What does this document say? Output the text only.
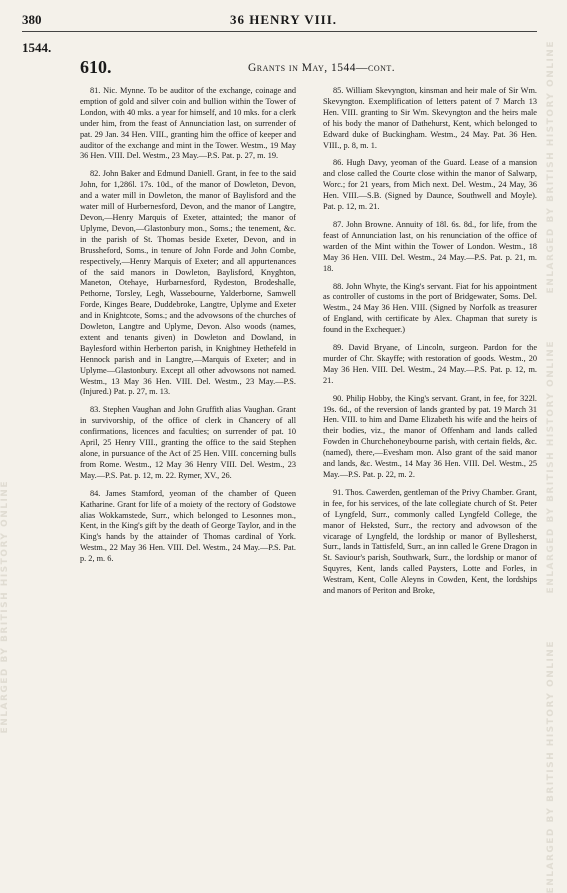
380	36 HENRY VIII.
1544.
610.	Grants in May, 1544—cont.

81. Nic. Mynne. To be auditor of the exchange, coinage and emption of gold and silver coin and bullion within the Tower of London, with 40 mks. a year for himself, and 10 mks. for a clerk under him, from the feast of Annunciation last, on surrender of pat. 29 Jan. 34 Hen. VIII., granting him the office of keeper and auditor of the exchange and mint in the Tower. Westm., 19 May 36 Hen. VIII. Del. Westm., 23 May.—P.S. Pat. p. 27, m. 19.

82. John Baker and Edmund Daniell. Grant, in fee to the said John, for 1,286l. 17s. 10d., of the manor of Dowleton, Devon, and a water mill in Dowleton, the manor of Baylisford and the water mill of Hurbernesford, Devon, and the manor of Langtre, Devon,—Henry Marquis of Exeter, attainted; the manor of Uplyme, Devon,—Glastonbury mon., Soms.; the tenement, &c. in the parish of St. Thomas beside Exeter, Devon, and in Brussheford, Soms., in tenure of John Forde and John Combe, respectively,—Henry Marquis of Exeter; and all appurtenances of the said manors in Dowleton, Baylisford, Knyghton, Maneton, Otehaye, Hurbarnesford, Rydeston, Brodeshalle, Pethorne, Torsley, Legh, Wassebourne, Yalderborne, Samwell Forde, Kinges Beare, Duddebroke, Langtre, Uplyme and Exeter and in Knightcote, Soms.; and the advowsons of the churches of Dowleton, Langtre and Uplyme, Devon. Also woods (names, extent and tenants given) in Dowleton and Dowland, in Baylesford within Herberton parish, in Knightney Hethefeld in Hennock parish and in Langtre,—Marquis of Exeter; and in Uplyme—Glastonbury. Except all other advowsons not named. Westm., 13 May 36 Hen. VIII. Del. Westm., 23 May.—P.S. (Injured.) Pat. p. 27, m. 13.

83. Stephen Vaughan and John Gruffith alias Vaughan. Grant in survivorship, of the office of clerk in Chancery of all confirmations, licences and faculties; on surrender of pat. 10 April, 25 Henry VIII., granting the office to the said Stephen alone, in pursuance of the Act of 25 Hen. VIII. concerning bulls from Rome. Westm., 12 May 36 Henry VIII. Del. Westm., 23 May.—P.S. Pat. p. 12, m. 22. Rymer, XV., 26.

84. James Stamford, yeoman of the chamber of Queen Katharine. Grant for life of a moiety of the rectory of Godstowe alias Wokkamstede, Surr., which belonged to Lesonnes mon., Kent, in the King's gift by the death of George Taylor, and in the King's hands by the attainder of Thomas cardinal of York. Westm., 22 May 36 Hen. VIII. Del. Westm., 24 May.—P.S. Pat. p. 2, m. 6.

85. William Skevyngton, kinsman and heir male of Sir Wm. Skevyngton. Exemplification of letters patent of 7 March 13 Hen. VIII. granting to Sir Wm. Skevyngton and the heirs male of his body the manor of Dathehurst, Kent, which belonged to Edward duke of Buckingham. Westm., 24 May. Pat. 36 Hen. VIII., p. 8, m. 1.

86. Hugh Davy, yeoman of the Guard. Lease of a mansion and close called the Courte close within the manor of Salwarp, Worc.; for 21 years, from Mich next. Del. Westm., 24 May, 36 Hen. VIII.—S.B. (Signed by Daunce, Southwell and Moyle). Pat. p. 12, m. 21.

87. John Browne. Annuity of 18l. 6s. 8d., for life, from the feast of Annunciation last, on his renunciation of the office of warden of the Mint within the Tower of London. Westm., 18 May 36 Hen. VIII. Del. Westm., 24 May.—P.S. Pat. p. 21, m. 18.

88. John Whyte, the King's servant. Fiat for his appointment as controller of customs in the port of Bridgewater, Soms. Del. Westm., 24 May 36 Hen. VIII. (Signed by Norfolk as treasurer of England, with certificate by Alex. Chapman that surety is found in the Exchequer.)

89. David Bryane, of Lincoln, surgeon. Pardon for the murder of Chr. Skayffe; with restoration of goods. Westm., 20 May 36 Hen. VIII. Del. Westm., 24 May.—P.S. Pat. p. 12, m. 21.

90. Philip Hobby, the King's servant. Grant, in fee, for 322l. 19s. 6d., of the reversion of lands granted by pat. 19 March 31 Hen. VIII. to him and Dame Elizabeth his wife and the heirs of their bodies, viz., the manor of Offenham and lands called Fowden in Churchehoneybourne parish, with certain fields, &c. (named), there,—Evesham mon. Also grant of the said manor and lands, &c. Westm., 14 May 36 Hen. VIII. Del. Westm., 25 May.—P.S. Pat. p. 22, m. 2.

91. Thos. Cawerden, gentleman of the Privy Chamber. Grant, in fee, for his services, of the late collegiate church of St. Peter of Lyngfeld, Surr., commonly called Lyngfeld College, the manor of Heksted, Surr., the rectory and advowson of the vicarage of Lyngfeld, the lordship or manor of Byllesherst, Surr., lands in Tattisfeld, Surr., an inn called le Grene Dragon in St. Saviour's parish, Southwark, Surr., the lordship or manor of Squyres, Kent, lands called Paysters, Lotte and Forles, in Westram, Kent, Colle Aleyns in Cowden, Kent, the lordships and manors of Periton and Broke,

ENLARGED BY BRITISH HISTORY ONLINE
ENLARGED BY BRITISH HISTORY ONLINE
ENLARGED BY BRITISH HISTORY ONLINE
ENLARGED BY BRITISH HISTORY ONLINE
